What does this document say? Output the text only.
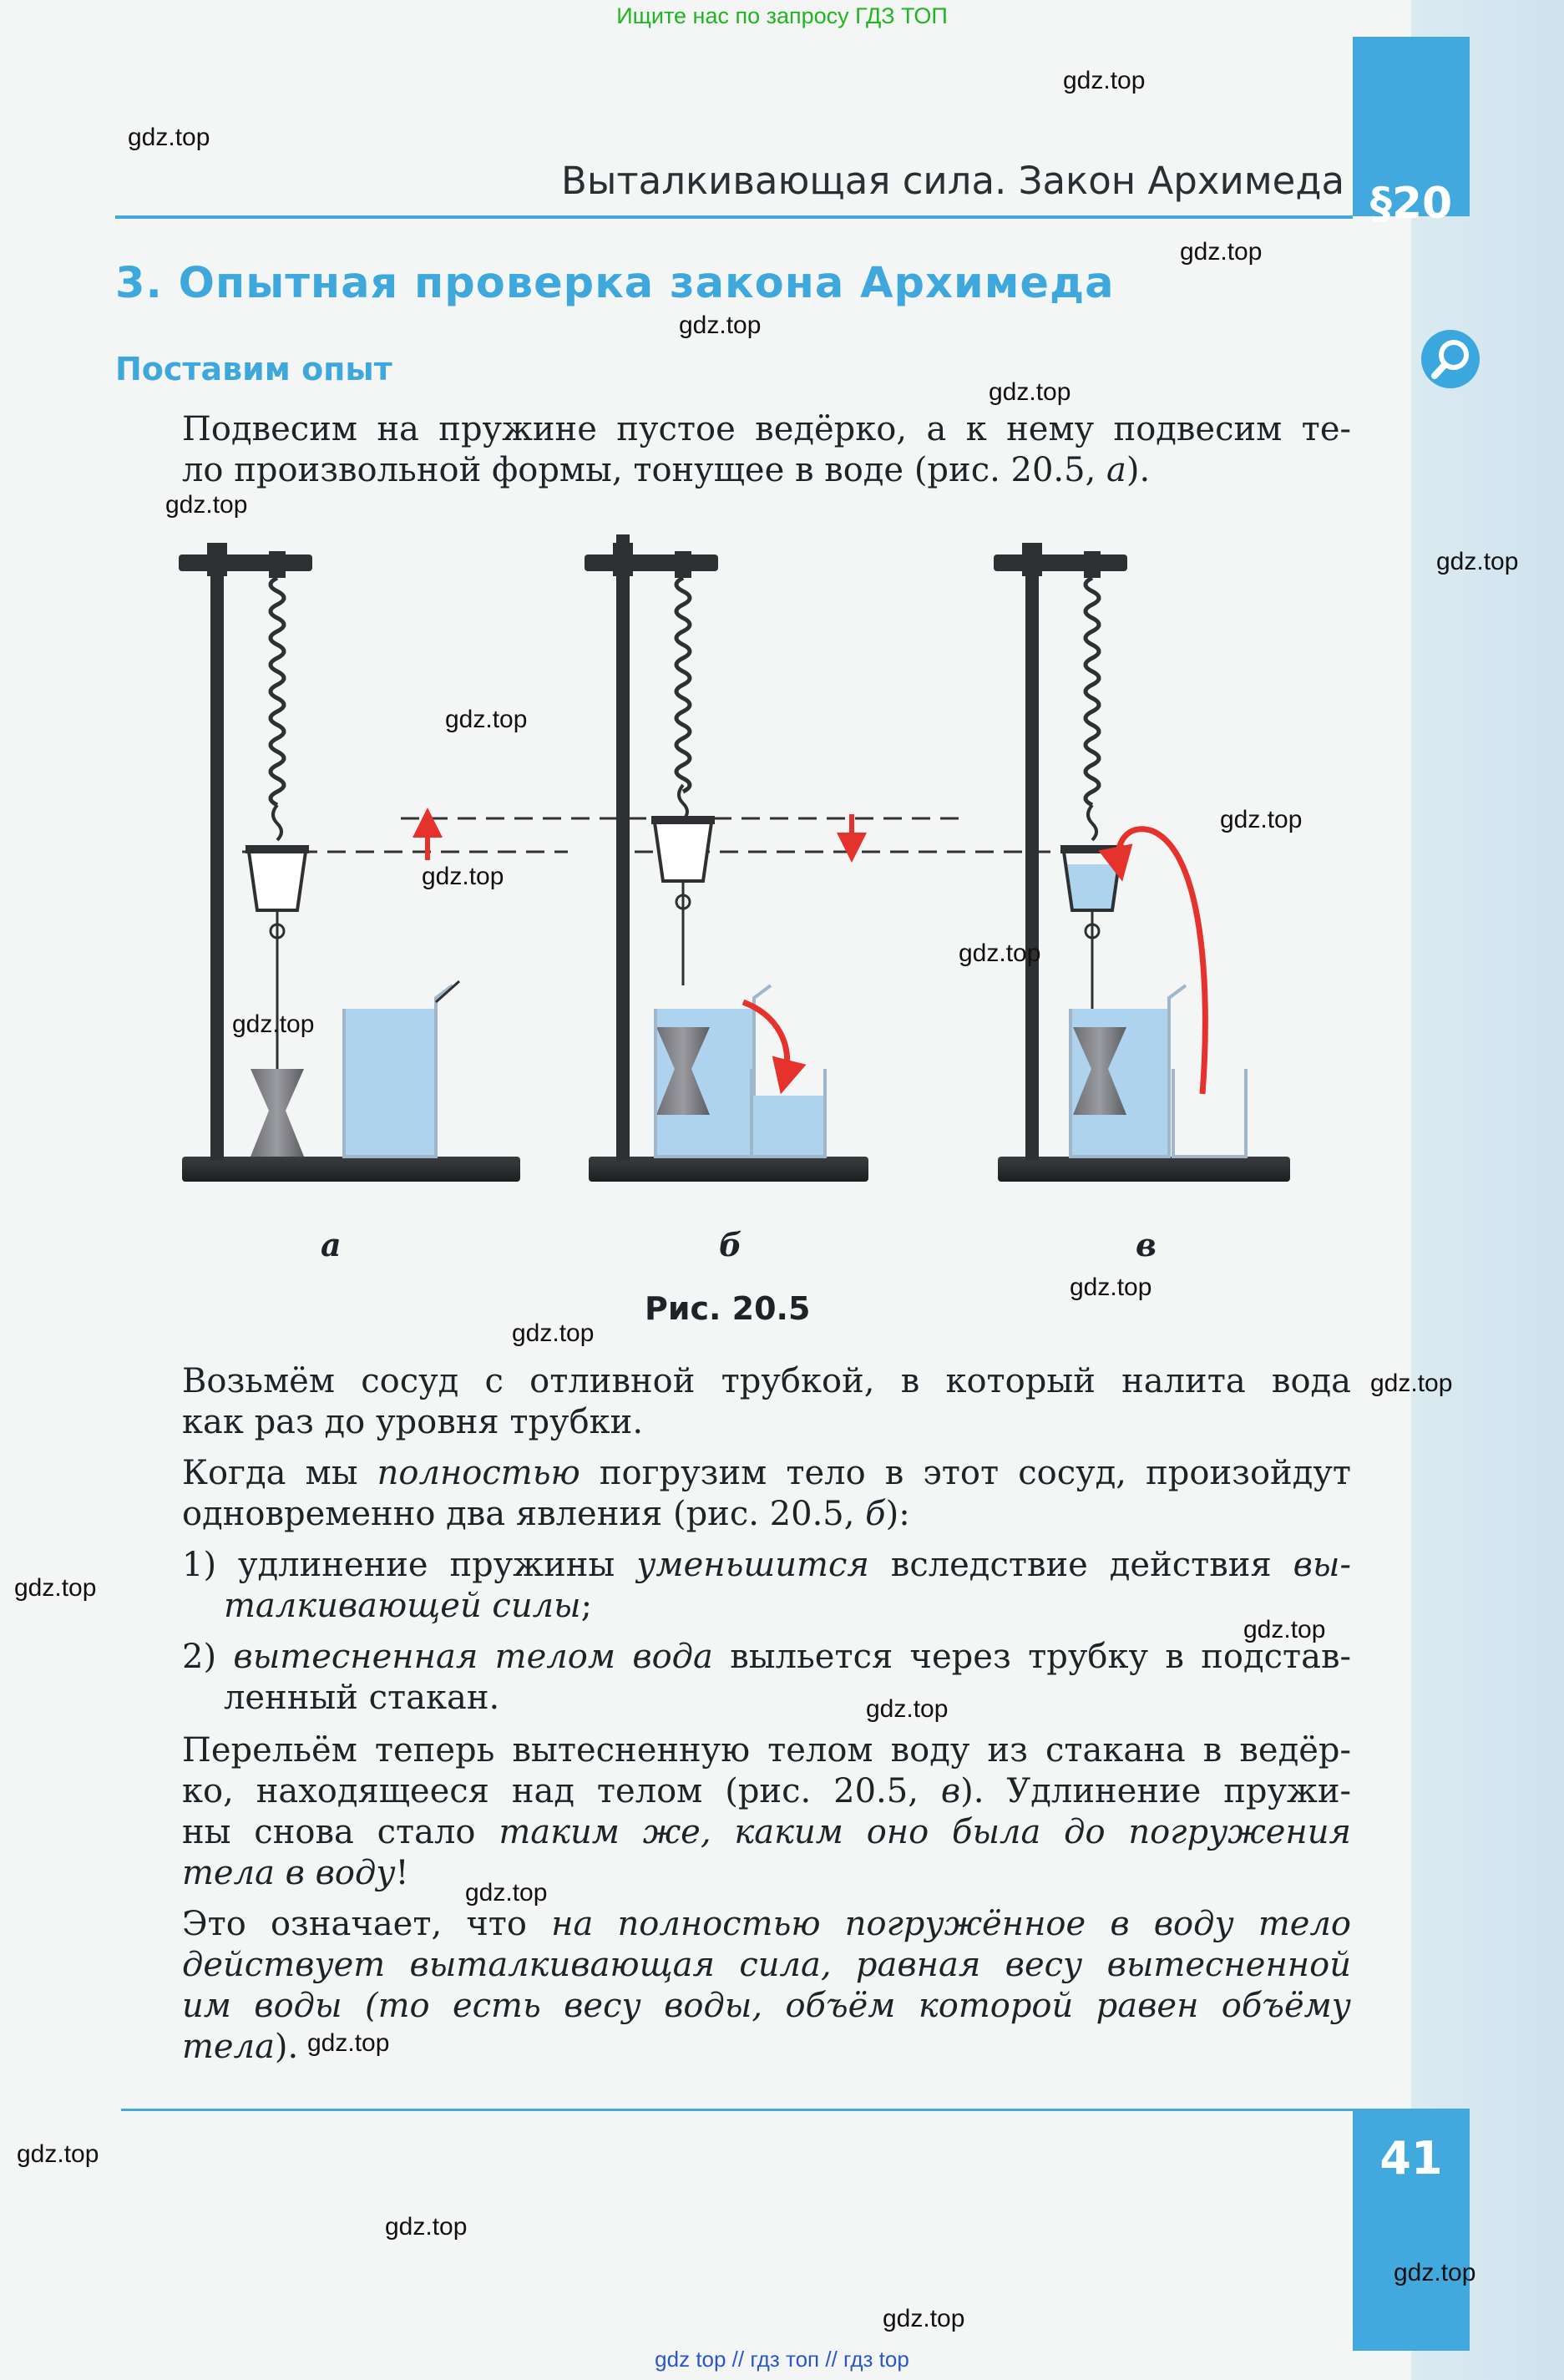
Ищите нас по запросу ГДЗ ТОП
§20
Выталкивающая сила. Закон Архимеда
3. Опытная проверка закона Архимеда
Поставим опыт
Подвесим на пружине пустое ведёрко, а к нему подвесим те-
ло произвольной формы, тонущее в воде (рис. 20.5, а).
а	б	в
Рис. 20.5
Возьмём сосуд с отливной трубкой, в который налита вода
как раз до уровня трубки.
Когда мы полностью погрузим тело в этот сосуд, произойдут
одновременно два явления (рис. 20.5, б):
1) удлинение пружины уменьшится вследствие действия вы-
талкивающей силы;
2) вытесненная телом вода выльется через трубку в подстав-
ленный стакан.
Перельём теперь вытесненную телом воду из стакана в ведёр-
ко, находящееся над телом (рис. 20.5, в). Удлинение пружи-
ны снова стало таким же, каким оно была до погружения
тела в воду!
Это означает, что на полностью погружённое в воду тело
действует выталкивающая сила, равная весу вытесненной
им воды (то есть весу воды, объём которой равен объёму
тела).
41
gdz.top
gdz.top
gdz.top
gdz.top
gdz.top
gdz.top
gdz.top
gdz.top
gdz.top
gdz.top
gdz.top
gdz.top
gdz.top
gdz.top
gdz.top
gdz.top
gdz.top
gdz.top
gdz.top
gdz.top
gdz.top
gdz.top
gdz.top
gdz.top
gdz top // гдз топ // гдз top
